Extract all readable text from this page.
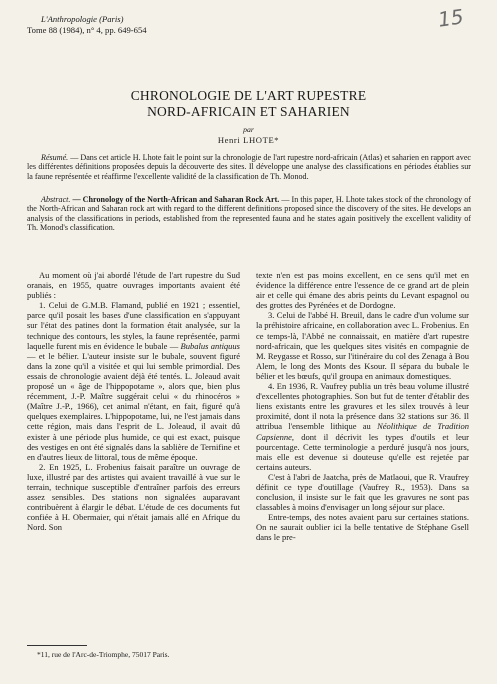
15
L'Anthropologie (Paris)
Tome 88 (1984), n° 4, pp. 649-654
CHRONOLOGIE DE L'ART RUPESTRE
NORD-AFRICAIN ET SAHARIEN
par
Henri LHOTE*
Résumé. — Dans cet article H. Lhote fait le point sur la chronologie de l'art rupestre nord-africain (Atlas) et saharien en rapport avec les différentes définitions proposées depuis la découverte des sites. Il développe une analyse des classifications en périodes établies sur la faune représentée et réaffirme l'excellente validité de la classification de Th. Monod.
Abstract. — Chronology of the North-African and Saharan Rock Art. — In this paper, H. Lhote takes stock of the chronology of the North-African and Saharan rock art with regard to the different definitions proposed since the discovery of the sites. He develops an analysis of the classifications in periods, established from the represented fauna and he states again positively the excellent validity of Th. Monod's classification.

Au moment où j'ai abordé l'étude de l'art rupestre du Sud oranais, en 1955, quatre ouvrages importants avaient été publiés :

1. Celui de G.M.B. Flamand, publié en 1921 ; essentiel, parce qu'il posait les bases d'une classification en s'appuyant sur l'état des patines dont la formation était analysée, sur la technique des contours, les styles, la faune représentée, parmi laquelle furent mis en évidence le bubale — Bubalus antiquus — et le bélier. L'auteur insiste sur le bubale, souvent figuré dans la zone qu'il a visitée et qui lui semble primordial. Des essais de chronologie avaient déjà été tentés. L. Joleaud avait proposé un « âge de l'hippopotame », alors que, bien plus récemment, J.-P. Maître suggérait celui « du rhinocéros » (Maître J.-P., 1966), cet animal n'étant, en fait, figuré qu'à quelques exemplaires. L'hippopotame, lui, ne l'est jamais dans cette région, mais dans l'esprit de L. Joleaud, il avait dû exister à une période plus humide, ce qui est exact, puisque des vestiges en ont été signalés dans la sablière de Ternifine et en d'autres lieux de littoral, tous de même époque.

2. En 1925, L. Frobenius faisait paraître un ouvrage de luxe, illustré par des artistes qui avaient travaillé à vue sur le terrain, technique susceptible d'entraîner parfois des erreurs assez sensibles. Des stations non signalées auparavant contribuèrent à élargir le débat. L'étude de ces documents fut confiée à H. Obermaier, qui n'était jamais allé en Afrique du Nord. Son

texte n'en est pas moins excellent, en ce sens qu'il met en évidence la différence entre l'essence de ce grand art de plein air et celle qui émane des abris peints du Levant espagnol ou des grottes des Pyrénées et de Dordogne.

3. Celui de l'abbé H. Breuil, dans le cadre d'un volume sur la préhistoire africaine, en collaboration avec L. Frobenius. En ce temps-là, l'Abbé ne connaissait, en matière d'art rupestre nord-africain, que les quelques sites visités en compagnie de M. Reygasse et Rosso, sur l'itinéraire du col des Zenaga à Bou Alem, le long des Monts des Ksour. Il sépara du bubale le bélier et les bœufs, qu'il groupa en animaux domestiques.

4. En 1936, R. Vaufrey publia un très beau volume illustré d'excellentes photographies. Son but fut de tenter d'établir des liens existants entre les gravures et les silex trouvés à leur proximité, dont il nota la présence dans 32 stations sur 36. Il attribua l'ensemble lithique au Néolithique de Tradition Capsienne, dont il décrivit les types d'outils et leur pourcentage. Cette terminologie a perduré jusqu'à nos jours, mais elle est devenue si douteuse qu'elle est rejetée par certains auteurs.

C'est à l'abri de Jaatcha, près de Matlaoui, que R. Vraufrey définit ce type d'outillage (Vaufrey R., 1953). Dans sa conclusion, il insiste sur le fait que les gravures ne sont pas classables à moins d'envisager un long séjour sur place.

Entre-temps, des notes avaient paru sur certaines stations. On ne saurait oublier ici la belle tentative de Stéphane Gsell dans le pre-

*11, rue de l'Arc-de-Triomphe, 75017 Paris.
